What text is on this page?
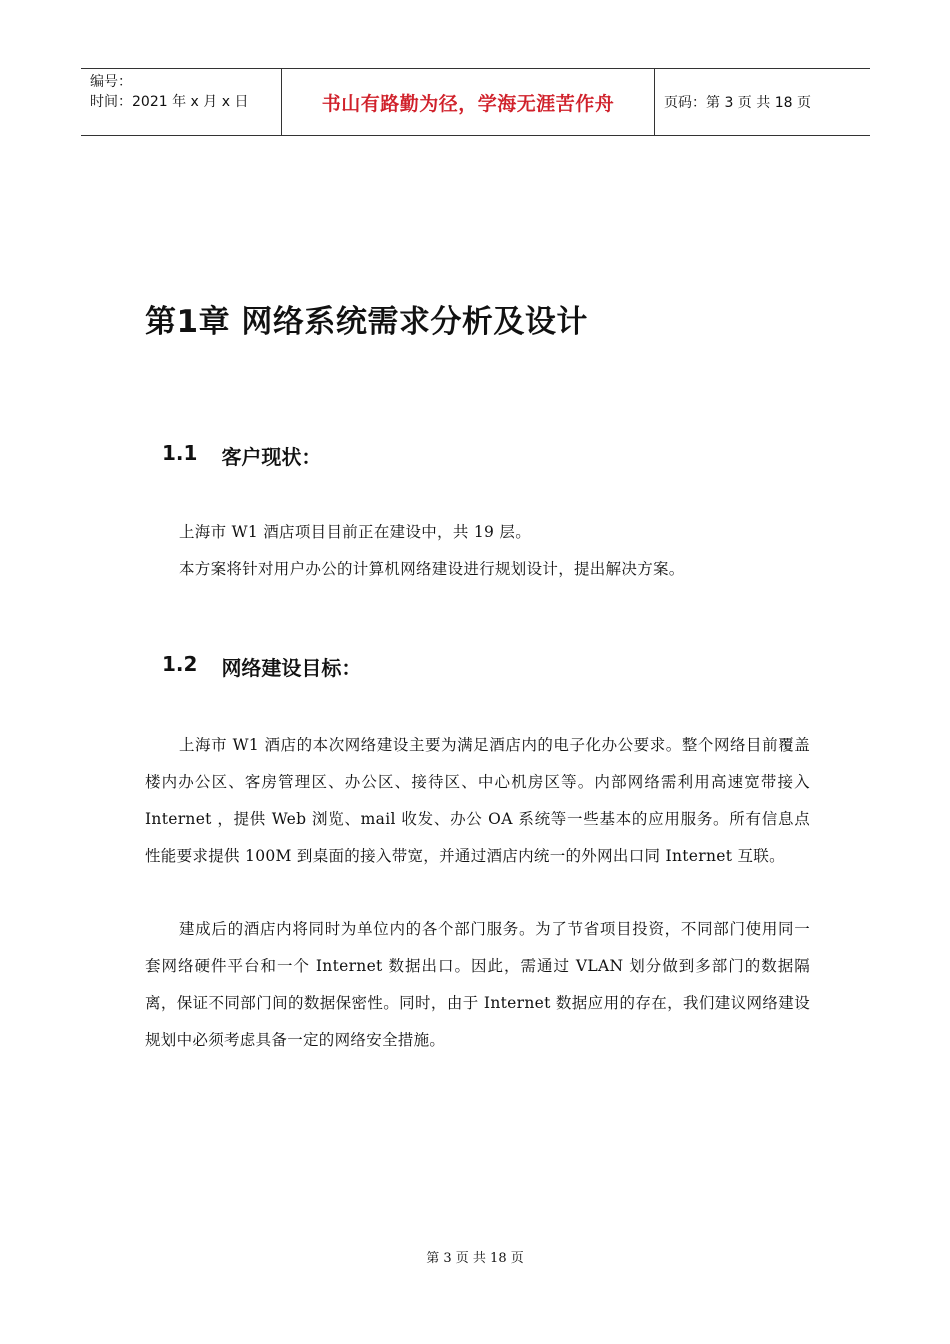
编号：
时间：2021 年 x 月 x 日	书山有路勤为径，学海无涯苦作舟	页码：第 3 页 共 18 页
第1章 网络系统需求分析及设计
1.1 客户现状：

上海市 W1 酒店项目目前正在建设中，共 19 层。

本方案将针对用户办公的计算机网络建设进行规划设计，提出解决方案。

1.2 网络建设目标：

上海市 W1 酒店的本次网络建设主要为满足酒店内的电子化办公要求。整个网络目前覆盖楼内办公区、客房管理区、办公区、接待区、中心机房区等。内部网络需利用高速宽带接入 Internet ，提供 Web 浏览、mail 收发、办公 OA 系统等一些基本的应用服务。所有信息点性能要求提供 100M 到桌面的接入带宽，并通过酒店内统一的外网出口同 Internet 互联。

建成后的酒店内将同时为单位内的各个部门服务。为了节省项目投资，不同部门使用同一套网络硬件平台和一个 Internet 数据出口。因此，需通过 VLAN 划分做到多部门的数据隔离，保证不同部门间的数据保密性。同时，由于 Internet 数据应用的存在，我们建议网络建设规划中必须考虑具备一定的网络安全措施。

第 3 页 共 18 页
